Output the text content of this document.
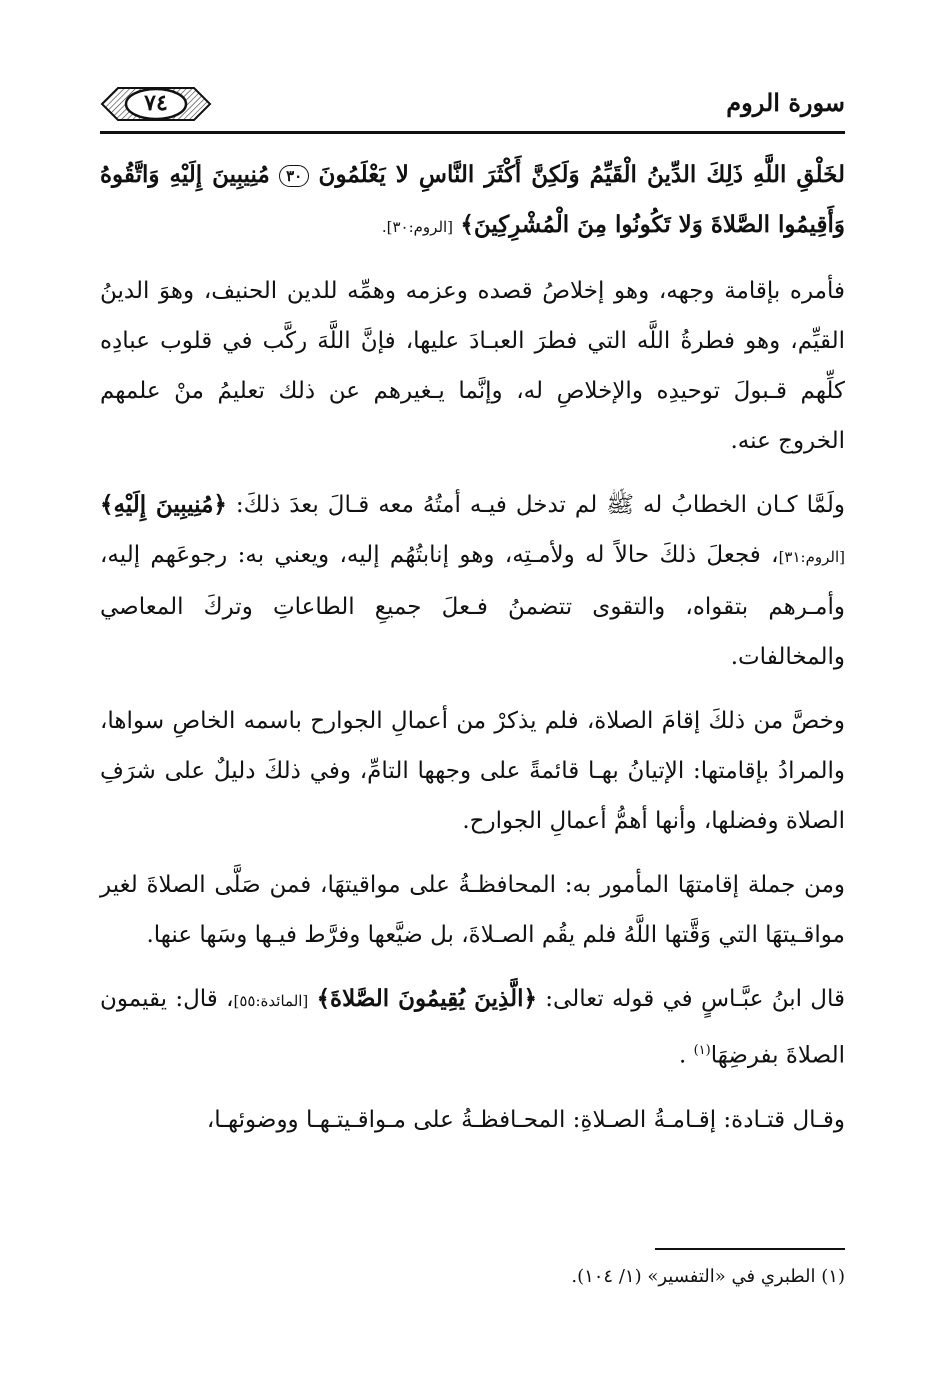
٧٤	سورة الروم

لخَلْقِ اللَّهِ ذَلِكَ الدِّينُ الْقَيِّمُ وَلَكِنَّ أَكْثَرَ النَّاسِ لا يَعْلَمُونَ ٣٠ مُنِيبِينَ إِلَيْهِ وَاتَّقُوهُ وَأَقِيمُوا الصَّلاةَ وَلا تَكُونُوا مِنَ الْمُشْرِكِينَ﴾ [الروم:٣٠].

فأمره بإقامة وجهه، وهو إخلاصُ قصده وعزمه وهمِّه للدين الحنيف، وهوَ الدينُ القيِّم، وهو فطرةُ اللَّه التي فطرَ العبـادَ عليها، فإنَّ اللَّهَ ركَّب في قلوب عبادِه كلِّهم قـبولَ توحيدِه والإخلاصِ له، وإنَّما يـغيرهم عن ذلك تعليمُ منْ علمهم الخروج عنه.

ولَمَّا كـان الخطابُ له ﷺ لم تدخل فيـه أمتُهُ معه قـالَ بعدَ ذلكَ: ﴿مُنِيبِينَ إِلَيْهِ﴾ [الروم:٣١]، فجعلَ ذلكَ حالاً له ولأمـتِه، وهو إنابتُهُم إليه، ويعني به: رجوعَهم إليه، وأمـرهم بتقواه، والتقوى تتضمنُ فـعلَ جميعِ الطاعاتِ وتركَ المعاصي والمخالفات.

وخصَّ من ذلكَ إقامَ الصلاة، فلم يذكرْ من أعمالِ الجوارح باسمه الخاصِ سواها، والمرادُ بإقامتها: الإتيانُ بهـا قائمةً على وجهها التامِّ، وفي ذلكَ دليلٌ على شرَفِ الصلاة وفضلها، وأنها أهمُّ أعمالِ الجوارح.

ومن جملة إقامتهَا المأمور به: المحافظـةُ على مواقيتهَا، فمن صَلَّى الصلاةَ لغير مواقـيتهَا التي وَقَّتها اللَّهُ فلم يقُم الصـلاةَ، بل ضيَّعها وفرَّط فيـها وسَها عنها.

قال ابنُ عبَّـاسٍ في قوله تعالى: ﴿الَّذِينَ يُقِيمُونَ الصَّلاةَ﴾ [المائدة:٥٥]، قال: يقيمون الصلاةَ بفرضِهَا$^{(١)}$ .

وقـال قتـادة: إقـامـةُ الصـلاةِ: المحـافظـةُ على مـواقـيتـهـا ووضوئهـا،

(١) الطبري في «التفسير» (١/ ١٠٤).
